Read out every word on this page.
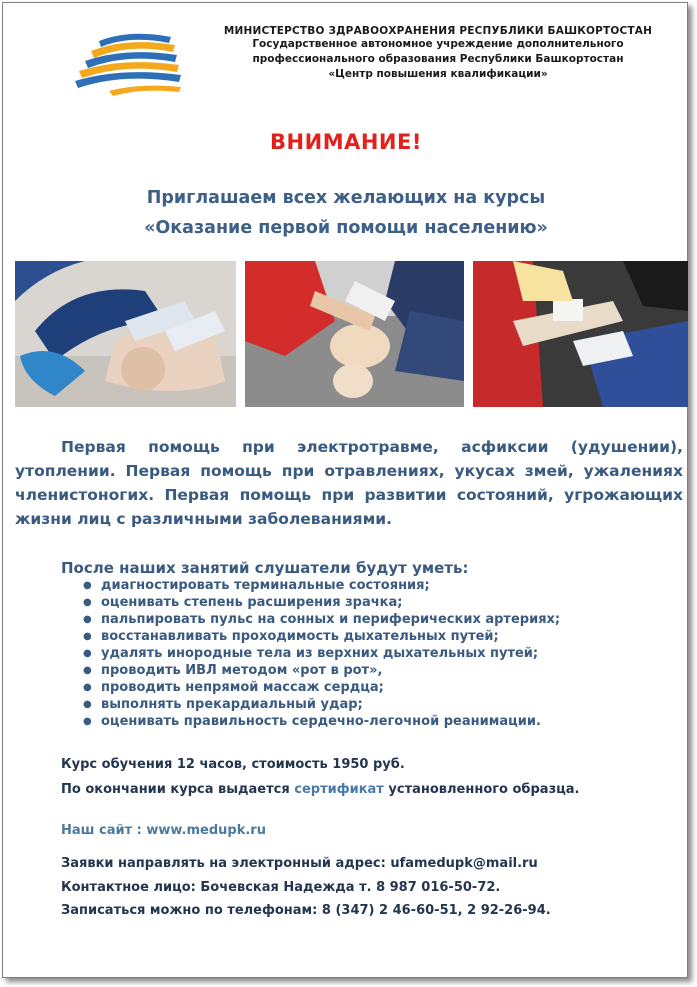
МИНИСТЕРСТВО ЗДРАВООХРАНЕНИЯ РЕСПУБЛИКИ БАШКОРТОСТАН
Государственное автономное учреждение дополнительного
профессионального образования Республики Башкортостан
«Центр повышения квалификации»
ВНИМАНИЕ!
Приглашаем всех желающих на курсы
«Оказание первой помощи населению»

Первая помощь при электротравме, асфиксии (удушении), утоплении. Первая помощь при отравлениях, укусах змей, ужалениях членистоногих. Первая помощь при развитии состояний, угрожающих жизни лиц с различными заболеваниями.

После наших занятий слушатели будут уметь:
● диагностировать терминальные состояния;
● оценивать степень расширения зрачка;
● пальпировать пульс на сонных и периферических артериях;
● восстанавливать проходимость дыхательных путей;
● удалять инородные тела из верхних дыхательных путей;
● проводить ИВЛ методом «рот в рот»,
● проводить непрямой массаж сердца;
● выполнять прекардиальный удар;
● оценивать правильность сердечно-легочной реанимации.
Курс обучения 12 часов, стоимость 1950 руб.
По окончании курса выдается сертификат установленного образца.
Наш сайт : www.medupk.ru
Заявки направлять на электронный адрес: ufamedupk@mail.ru
Контактное лицо: Бочевская Надежда т. 8 987 016-50-72.
Записаться можно по телефонам: 8 (347) 2 46-60-51, 2 92-26-94.
